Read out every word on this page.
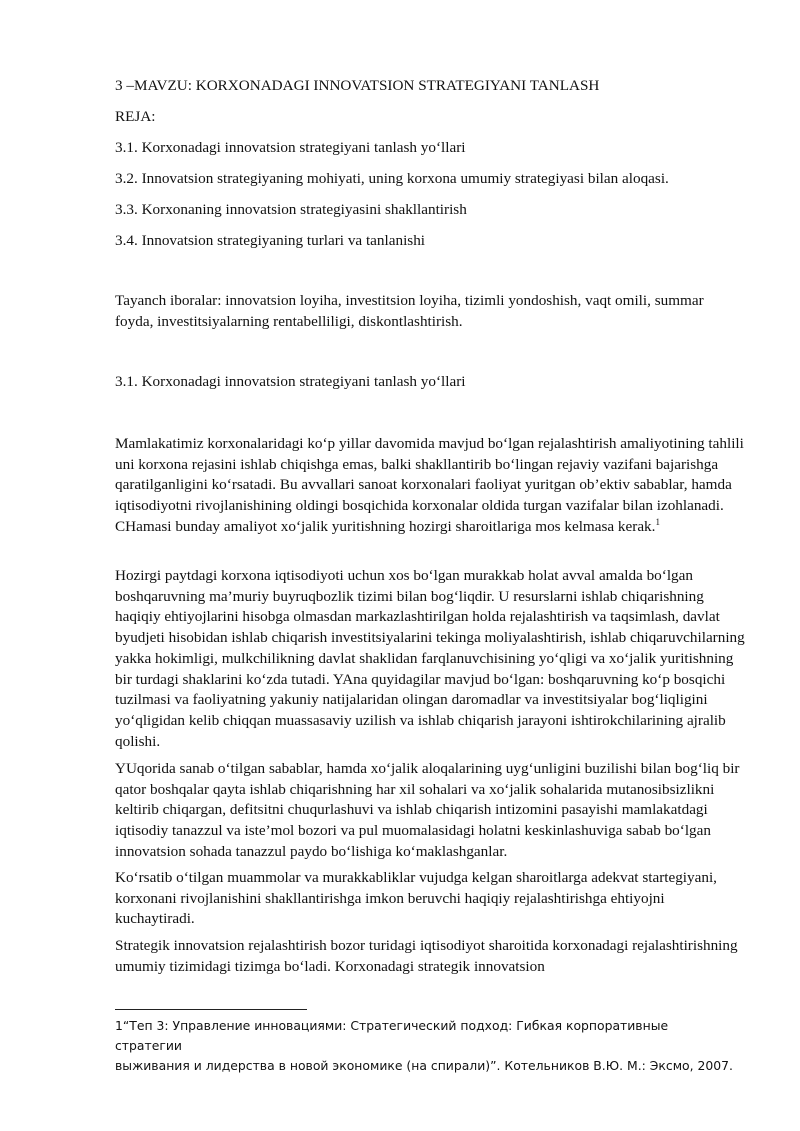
3 –MAVZU: KORXONADAGI INNOVATSION STRATEGIYANI TANLASH
REJA:
3.1. Korxonadagi innovatsion strategiyani tanlash yo‘llari
3.2. Innovatsion strategiyaning mohiyati, uning korxona umumiy strategiyasi bilan aloqasi.
3.3. Korxonaning innovatsion strategiyasini shakllantirish
3.4. Innovatsion strategiyaning turlari va tanlanishi
Tayanch iboralar: innovatsion loyiha, investitsion loyiha, tizimli yondoshish, vaqt omili, summar
foyda, investitsiyalarning rentabelliligi, diskontlashtirish.
3.1. Korxonadagi innovatsion strategiyani tanlash yo‘llari
Mamlakatimiz korxonalaridagi ko‘p yillar davomida mavjud bo‘lgan rejalashtirish amaliyotining tahlili uni korxona rejasini ishlab chiqishga emas, balki shakllantirib bo‘lingan rejaviy vazifani bajarishga qaratilganligini ko‘rsatadi. Bu avvallari sanoat korxonalari faoliyat yuritgan ob’ektiv sabablar, hamda iqtisodiyotni rivojlanishining oldingi bosqichida korxonalar oldida turgan vazifalar bilan izohlanadi. CHamasi bunday amaliyot xo‘jalik yuritishning hozirgi sharoitlariga mos kelmasa kerak.$^1$
Hozirgi paytdagi korxona iqtisodiyoti uchun xos bo‘lgan murakkab holat avval amalda bo‘lgan boshqaruvning ma’muriy buyruqbozlik tizimi bilan bog‘liqdir. U resurslarni ishlab chiqarishning haqiqiy ehtiyojlarini hisobga olmasdan markazlashtirilgan holda rejalashtirish va taqsimlash, davlat byudjeti hisobidan ishlab chiqarish investitsiyalarini tekinga moliyalashtirish, ishlab chiqaruvchilarning yakka hokimligi, mulkchilikning davlat shaklidan farqlanuvchisining yo‘qligi va xo‘jalik yuritishning bir turdagi shaklarini ko‘zda tutadi. YAna quyidagilar mavjud bo‘lgan: boshqaruvning ko‘p bosqichi tuzilmasi va faoliyatning yakuniy natijalaridan olingan daromadlar va investitsiyalar bog‘liqligini yo‘qligidan kelib chiqqan muassasaviy uzilish va ishlab chiqarish jarayoni ishtirokchilarining ajralib qolishi.
YUqorida sanab o‘tilgan sabablar, hamda xo‘jalik aloqalarining uyg‘unligini buzilishi bilan bog‘liq bir qator boshqalar qayta ishlab chiqarishning har xil sohalari va xo‘jalik sohalarida mutanosibsizlikni keltirib chiqargan, defitsitni chuqurlashuvi va ishlab chiqarish intizomini pasayishi mamlakatdagi iqtisodiy tanazzul va iste’mol bozori va pul muomalasidagi holatni keskinlashuviga sabab bo‘lgan innovatsion sohada tanazzul paydo bo‘lishiga ko‘maklashganlar.
Ko‘rsatib o‘tilgan muammolar va murakkabliklar vujudga kelgan sharoitlarga adekvat startegiyani, korxonani rivojlanishini shakllantirishga imkon beruvchi haqiqiy rejalashtirishga ehtiyojni kuchaytiradi.
Strategik innovatsion rejalashtirish bozor turidagi iqtisodiyot sharoitida korxonadagi rejalashtirishning umumiy tizimidagi tizimga bo‘ladi. Korxonadagi strategik innovatsion
1“Теп 3: Управление инновациями: Стратегический подход: Гибкая корпоративные стратегии
выживания и лидерства в новой экономике (на спирали)”. Котельников В.Ю. М.: Эксмо, 2007.
